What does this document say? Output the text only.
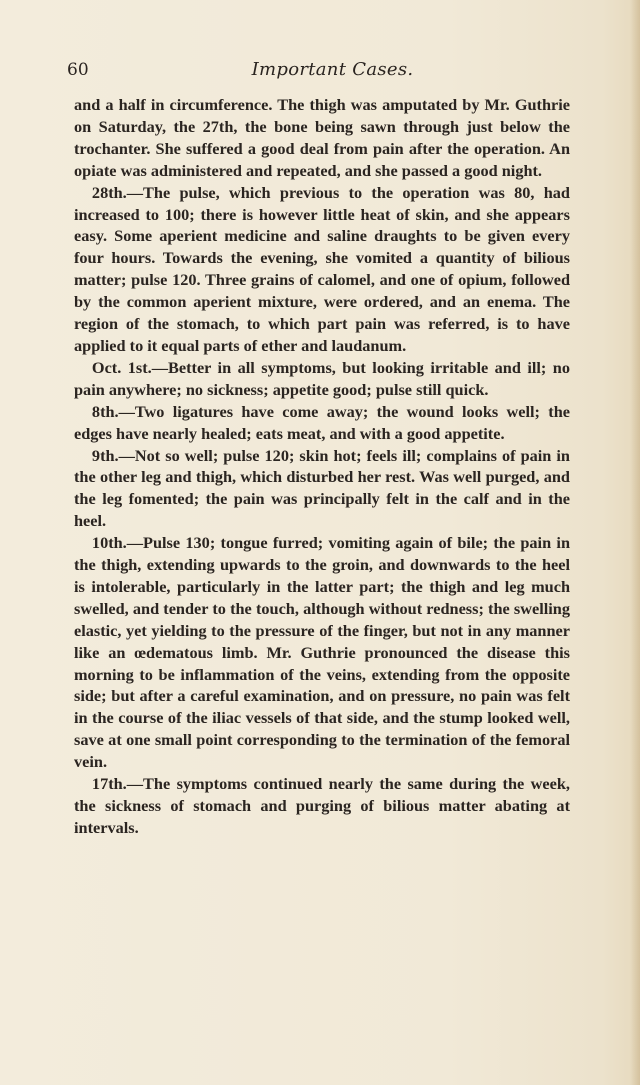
60	Important Cases.

and a half in circumference. The thigh was amputated by Mr. Guthrie on Saturday, the 27th, the bone being sawn through just below the trochanter. She suffered a good deal from pain after the operation. An opiate was administered and repeated, and she passed a good night.

28th.—The pulse, which previous to the operation was 80, had increased to 100; there is however little heat of skin, and she appears easy. Some aperient medicine and saline draughts to be given every four hours. Towards the evening, she vomited a quantity of bilious matter; pulse 120. Three grains of calomel, and one of opium, followed by the common aperient mixture, were ordered, and an enema. The region of the stomach, to which part pain was referred, is to have applied to it equal parts of ether and laudanum.

Oct. 1st.—Better in all symptoms, but looking irritable and ill; no pain anywhere; no sickness; appetite good; pulse still quick.

8th.—Two ligatures have come away; the wound looks well; the edges have nearly healed; eats meat, and with a good appetite.

9th.—Not so well; pulse 120; skin hot; feels ill; complains of pain in the other leg and thigh, which disturbed her rest. Was well purged, and the leg fomented; the pain was principally felt in the calf and in the heel.

10th.—Pulse 130; tongue furred; vomiting again of bile; the pain in the thigh, extending upwards to the groin, and downwards to the heel is intolerable, particularly in the latter part; the thigh and leg much swelled, and tender to the touch, although without redness; the swelling elastic, yet yielding to the pressure of the finger, but not in any manner like an œdematous limb. Mr. Guthrie pronounced the disease this morning to be inflammation of the veins, extending from the opposite side; but after a careful examination, and on pressure, no pain was felt in the course of the iliac vessels of that side, and the stump looked well, save at one small point corresponding to the termination of the femoral vein.

17th.—The symptoms continued nearly the same during the week, the sickness of stomach and purging of bilious matter abating at intervals.
